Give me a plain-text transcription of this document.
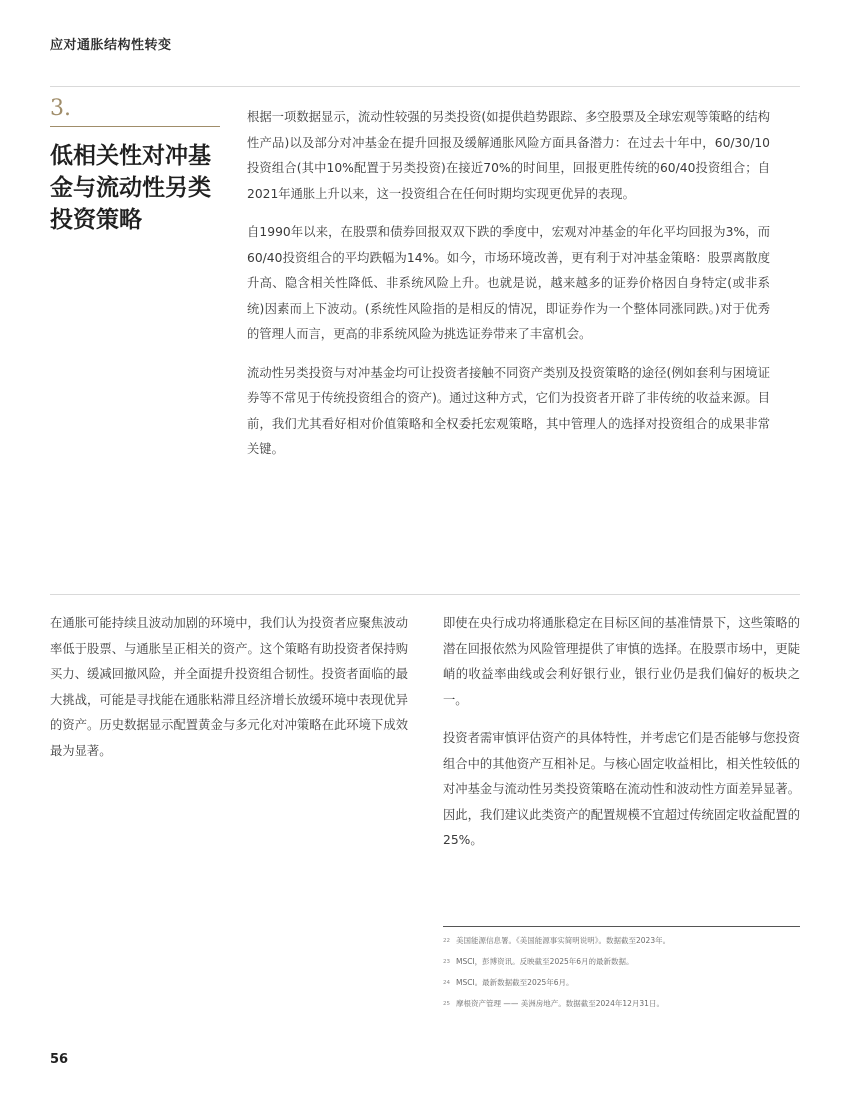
应对通胀结构性转变
3.
低相关性对冲基金与流动性另类投资策略

根据一项数据显示，流动性较强的另类投资(如提供趋势跟踪、多空股票及全球宏观等策略的结构性产品)以及部分对冲基金在提升回报及缓解通胀风险方面具备潜力：在过去十年中，60/30/10投资组合(其中10%配置于另类投资)在接近70%的时间里，回报更胜传统的60/40投资组合；自2021年通胀上升以来，这一投资组合在任何时期均实现更优异的表现。

自1990年以来，在股票和债券回报双双下跌的季度中，宏观对冲基金的年化平均回报为3%，而60/40投资组合的平均跌幅为14%。如今，市场环境改善，更有利于对冲基金策略：股票离散度升高、隐含相关性降低、非系统风险上升。也就是说，越来越多的证券价格因自身特定(或非系统)因素而上下波动。(系统性风险指的是相反的情况，即证券作为一个整体同涨同跌。)对于优秀的管理人而言，更高的非系统风险为挑选证券带来了丰富机会。

流动性另类投资与对冲基金均可让投资者接触不同资产类别及投资策略的途径(例如套利与困境证券等不常见于传统投资组合的资产)。通过这种方式，它们为投资者开辟了非传统的收益来源。目前，我们尤其看好相对价值策略和全权委托宏观策略，其中管理人的选择对投资组合的成果非常关键。

在通胀可能持续且波动加剧的环境中，我们认为投资者应聚焦波动率低于股票、与通胀呈正相关的资产。这个策略有助投资者保持购买力、缓减回撤风险，并全面提升投资组合韧性。投资者面临的最大挑战，可能是寻找能在通胀粘滞且经济增长放缓环境中表现优异的资产。历史数据显示配置黄金与多元化对冲策略在此环境下成效最为显著。

即使在央行成功将通胀稳定在目标区间的基准情景下，这些策略的潜在回报依然为风险管理提供了审慎的选择。在股票市场中，更陡峭的收益率曲线或会利好银行业，银行业仍是我们偏好的板块之一。

投资者需审慎评估资产的具体特性，并考虑它们是否能够与您投资组合中的其他资产互相补足。与核心固定收益相比，相关性较低的对冲基金与流动性另类投资策略在流动性和波动性方面差异显著。因此，我们建议此类资产的配置规模不宜超过传统固定收益配置的25%。

22 美国能源信息署。《美国能源事实简明说明》。数据截至2023年。
23 MSCI，彭博资讯。反映截至2025年6月的最新数据。
24 MSCI。最新数据截至2025年6月。
25 摩根资产管理 —— 美洲房地产。数据截至2024年12月31日。
56
